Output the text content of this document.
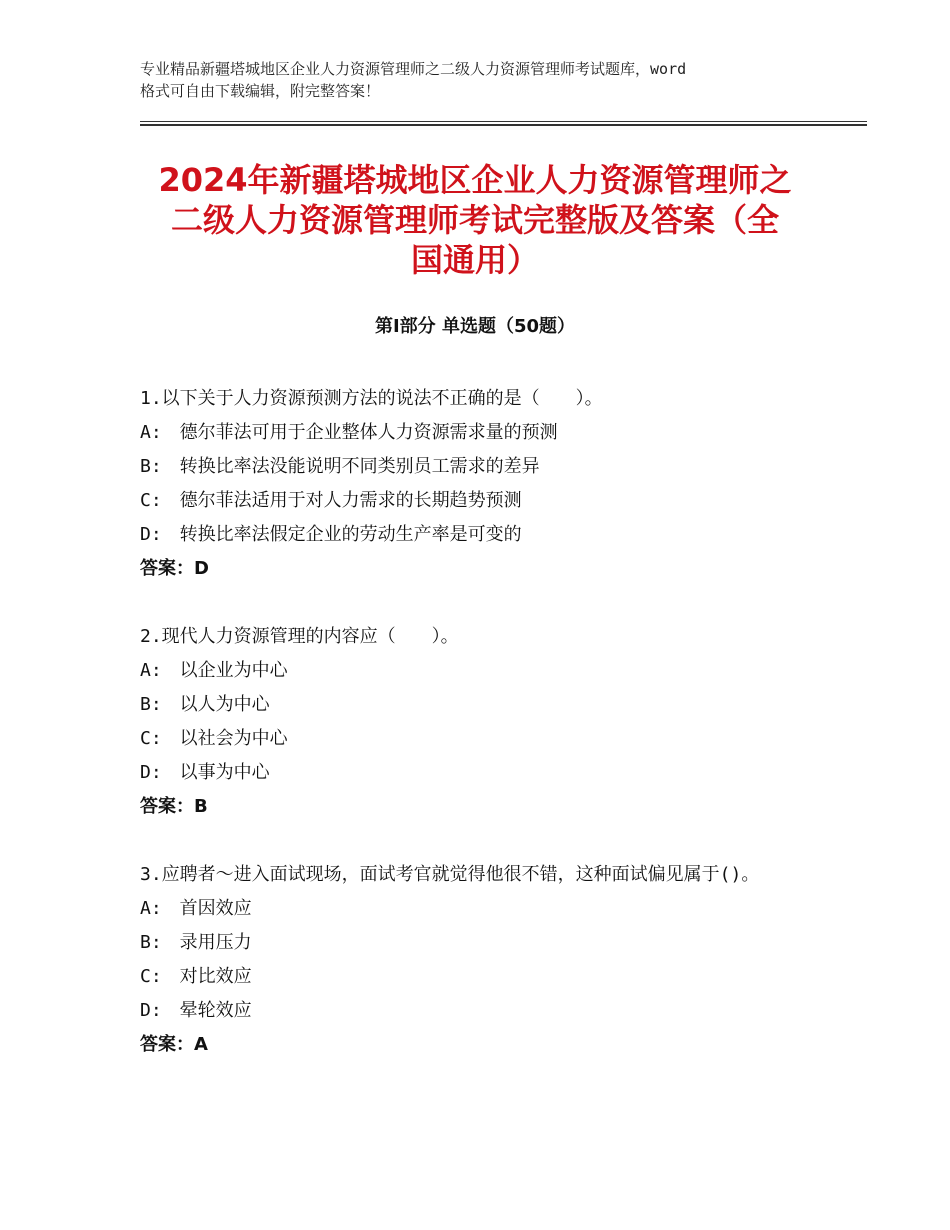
专业精品新疆塔城地区企业人力资源管理师之二级人力资源管理师考试题库，word
格式可自由下载编辑，附完整答案！
2024年新疆塔城地区企业人力资源管理师之
二级人力资源管理师考试完整版及答案（全
国通用）
第Ⅰ部分 单选题（50题）
1.以下关于人力资源预测方法的说法不正确的是（　　）。
A:　德尔菲法可用于企业整体人力资源需求量的预测
B:　转换比率法没能说明不同类别员工需求的差异
C:　德尔菲法适用于对人力需求的长期趋势预测
D:　转换比率法假定企业的劳动生产率是可变的
答案：D
2.现代人力资源管理的内容应（　　）。
A:　以企业为中心
B:　以人为中心
C:　以社会为中心
D:　以事为中心
答案：B
3.应聘者～进入面试现场，面试考官就觉得他很不错，这种面试偏见属于()。
A:　首因效应
B:　录用压力
C:　对比效应
D:　晕轮效应
答案：A
